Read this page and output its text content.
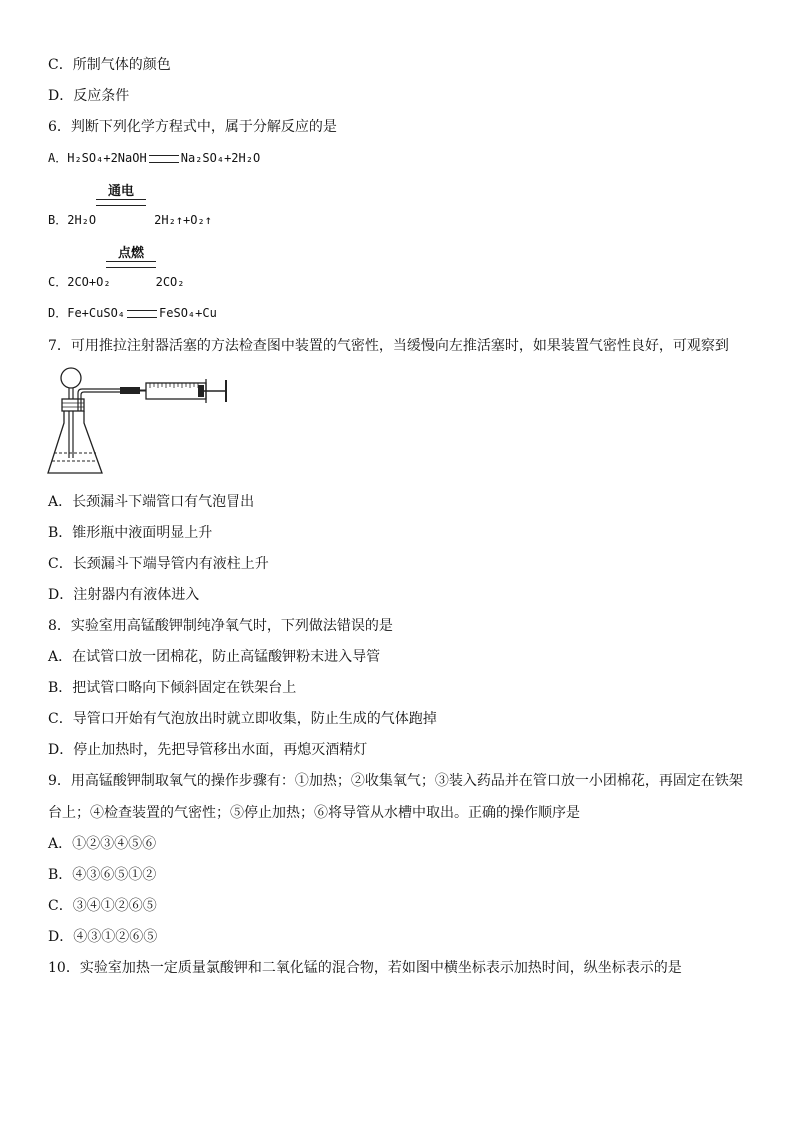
C．所制气体的颜色
D．反应条件
6．判断下列化学方程式中，属于分解反应的是
A．H₂SO₄+2NaOH	Na₂SO₄+2H₂O
通电
B．2H₂O	2H₂↑+O₂↑
点燃
C．2CO+O₂	2CO₂
D．Fe+CuSO₄	FeSO₄+Cu
7．可用推拉注射器活塞的方法检查图中装置的气密性，当缓慢向左推活塞时，如果装置气密性良好，可观察到
A．长颈漏斗下端管口有气泡冒出
B．锥形瓶中液面明显上升
C．长颈漏斗下端导管内有液柱上升
D．注射器内有液体进入
8．实验室用高锰酸钾制纯净氧气时，下列做法错误的是
A．在试管口放一团棉花，防止高锰酸钾粉末进入导管
B．把试管口略向下倾斜固定在铁架台上
C．导管口开始有气泡放出时就立即收集，防止生成的气体跑掉
D．停止加热时，先把导管移出水面，再熄灭酒精灯
9．用高锰酸钾制取氧气的操作步骤有：①加热；②收集氧气；③装入药品并在管口放一小团棉花，再固定在铁架
台上；④检查装置的气密性；⑤停止加热；⑥将导管从水槽中取出。正确的操作顺序是
A．①②③④⑤⑥
B．④③⑥⑤①②
C．③④①②⑥⑤
D．④③①②⑥⑤
10．实验室加热一定质量氯酸钾和二氧化锰的混合物，若如图中横坐标表示加热时间，纵坐标表示的是
